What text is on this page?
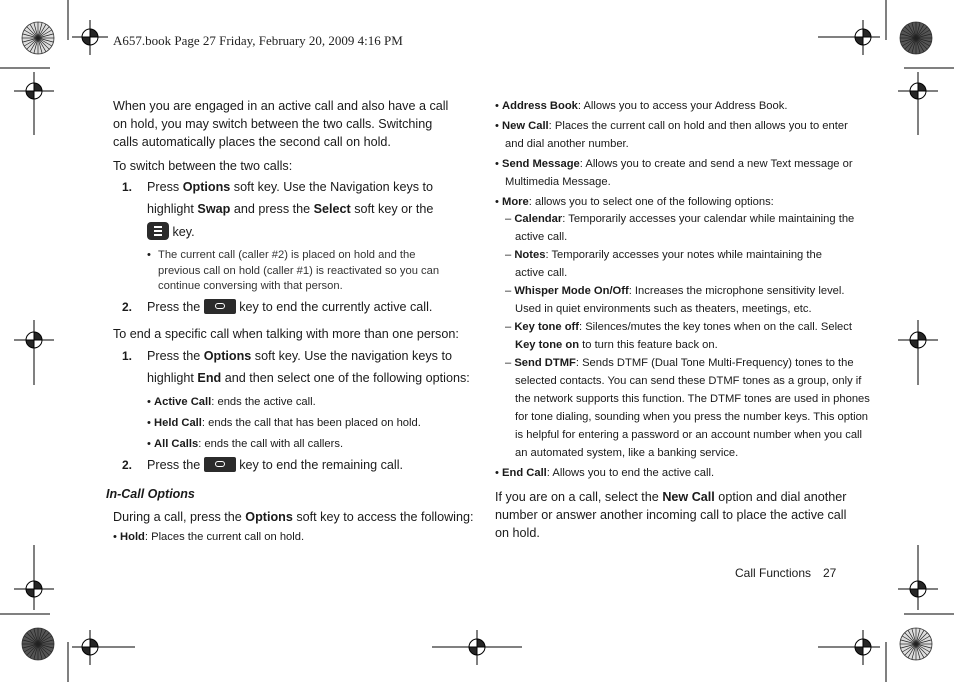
A657.book Page 27 Friday, February 20, 2009 4:16 PM
When you are engaged in an active call and also have a call on hold, you may switch between the two calls. Switching calls automatically places the second call on hold.
To switch between the two calls:
1. Press Options soft key. Use the Navigation keys to
highlight Swap and press the Select soft key or the
key.
• The current call (caller #2) is placed on hold and the previous call on hold (caller #1) is reactivated so you can continue conversing with that person.
2. Press the	key to end the currently active call.
To end a specific call when talking with more than one person:
1. Press the Options soft key. Use the navigation keys to
highlight End and then select one of the following options:
• Active Call: ends the active call.
• Held Call: ends the call that has been placed on hold.
• All Calls: ends the call with all callers.
2. Press the	key to end the remaining call.
In-Call Options
During a call, press the Options soft key to access the following:
• Hold: Places the current call on hold.
• Address Book: Allows you to access your Address Book.
• New Call: Places the current call on hold and then allows you to enter
and dial another number.
• Send Message: Allows you to create and send a new Text message or
Multimedia Message.
• More: allows you to select one of the following options:
– Calendar: Temporarily accesses your calendar while maintaining the
active call.
– Notes: Temporarily accesses your notes while maintaining the
active call.
– Whisper Mode On/Off: Increases the microphone sensitivity level.
Used in quiet environments such as theaters, meetings, etc.
– Key tone off: Silences/mutes the key tones when on the call. Select
Key tone on to turn this feature back on.
– Send DTMF: Sends DTMF (Dual Tone Multi-Frequency) tones to the
selected contacts. You can send these DTMF tones as a group, only if
the network supports this function. The DTMF tones are used in phones
for tone dialing, sounding when you press the number keys. This option
is helpful for entering a password or an account number when you call
an automated system, like a banking service.
• End Call: Allows you to end the active call.
If you are on a call, select the New Call option and dial another
number or answer another incoming call to place the active call
on hold.
Call Functions 27
